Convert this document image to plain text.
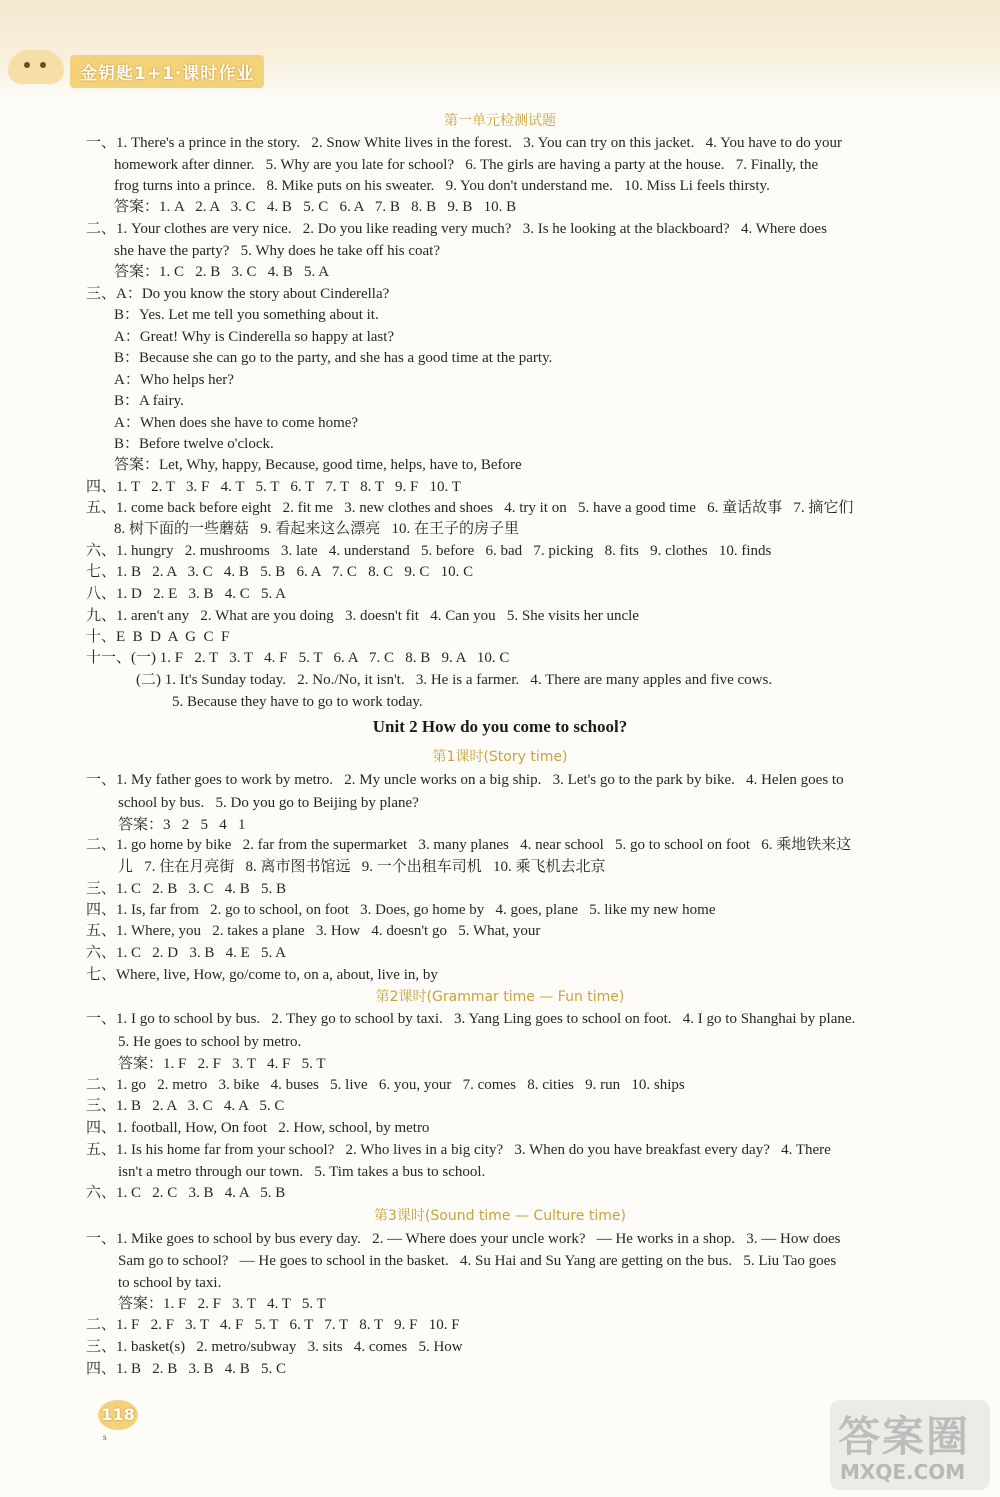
金钥匙1+1·课时作业
第一单元检测试题
一、1. There's a prince in the story.   2. Snow White lives in the forest.   3. You can try on this jacket.   4. You have to do your
homework after dinner.   5. Why are you late for school?   6. The girls are having a party at the house.   7. Finally, the
frog turns into a prince.   8. Mike puts on his sweater.   9. You don't understand me.   10. Miss Li feels thirsty.
答案：1. A   2. A   3. C   4. B   5. C   6. A   7. B   8. B   9. B   10. B
二、1. Your clothes are very nice.   2. Do you like reading very much?   3. Is he looking at the blackboard?   4. Where does
she have the party?   5. Why does he take off his coat?
答案：1. C   2. B   3. C   4. B   5. A
三、A：Do you know the story about Cinderella?
B：Yes. Let me tell you something about it.
A：Great! Why is Cinderella so happy at last?
B：Because she can go to the party, and she has a good time at the party.
A：Who helps her?
B：A fairy.
A：When does she have to come home?
B：Before twelve o'clock.
答案：Let, Why, happy, Because, good time, helps, have to, Before
四、1. T   2. T   3. F   4. T   5. T   6. T   7. T   8. T   9. F   10. T
五、1. come back before eight   2. fit me   3. new clothes and shoes   4. try it on   5. have a good time   6. 童话故事   7. 摘它们
8. 树下面的一些蘑菇   9. 看起来这么漂亮   10. 在王子的房子里
六、1. hungry   2. mushrooms   3. late   4. understand   5. before   6. bad   7. picking   8. fits   9. clothes   10. finds
七、1. B   2. A   3. C   4. B   5. B   6. A   7. C   8. C   9. C   10. C
八、1. D   2. E   3. B   4. C   5. A
九、1. aren't any   2. What are you doing   3. doesn't fit   4. Can you   5. She visits her uncle
十、E  B  D  A  G  C  F
十一、(一) 1. F   2. T   3. T   4. F   5. T   6. A   7. C   8. B   9. A   10. C
(二) 1. It's Sunday today.   2. No./No, it isn't.   3. He is a farmer.   4. There are many apples and five cows.
5. Because they have to go to work today.
Unit 2 How do you come to school?
第1课时(Story time)
一、1. My father goes to work by metro.   2. My uncle works on a big ship.   3. Let's go to the park by bike.   4. Helen goes to
school by bus.   5. Do you go to Beijing by plane?
答案：3   2   5   4   1
二、1. go home by bike   2. far from the supermarket   3. many planes   4. near school   5. go to school on foot   6. 乘地铁来这
儿   7. 住在月亮街   8. 离市图书馆远   9. 一个出租车司机   10. 乘飞机去北京
三、1. C   2. B   3. C   4. B   5. B
四、1. Is, far from   2. go to school, on foot   3. Does, go home by   4. goes, plane   5. like my new home
五、1. Where, you   2. takes a plane   3. How   4. doesn't go   5. What, your
六、1. C   2. D   3. B   4. E   5. A
七、Where, live, How, go/come to, on a, about, live in, by
第2课时(Grammar time — Fun time)
一、1. I go to school by bus.   2. They go to school by taxi.   3. Yang Ling goes to school on foot.   4. I go to Shanghai by plane.
5. He goes to school by metro.
答案：1. F   2. F   3. T   4. F   5. T
二、1. go   2. metro   3. bike   4. buses   5. live   6. you, your   7. comes   8. cities   9. run   10. ships
三、1. B   2. A   3. C   4. A   5. C
四、1. football, How, On foot   2. How, school, by metro
五、1. Is his home far from your school?   2. Who lives in a big city?   3. When do you have breakfast every day?   4. There
isn't a metro through our town.   5. Tim takes a bus to school.
六、1. C   2. C   3. B   4. A   5. B
第3课时(Sound time — Culture time)
一、1. Mike goes to school by bus every day.   2. — Where does your uncle work?   — He works in a shop.   3. — How does
Sam go to school?   — He goes to school in the basket.   4. Su Hai and Su Yang are getting on the bus.   5. Liu Tao goes
to school by taxi.
答案：1. F   2. F   3. T   4. T   5. T
二、1. F   2. F   3. T   4. F   5. T   6. T   7. T   8. T   9. F   10. F
三、1. basket(s)   2. metro/subway   3. sits   4. comes   5. How
四、1. B   2. B   3. B   4. B   5. C
118
s	答案圈
MXQE.COM
